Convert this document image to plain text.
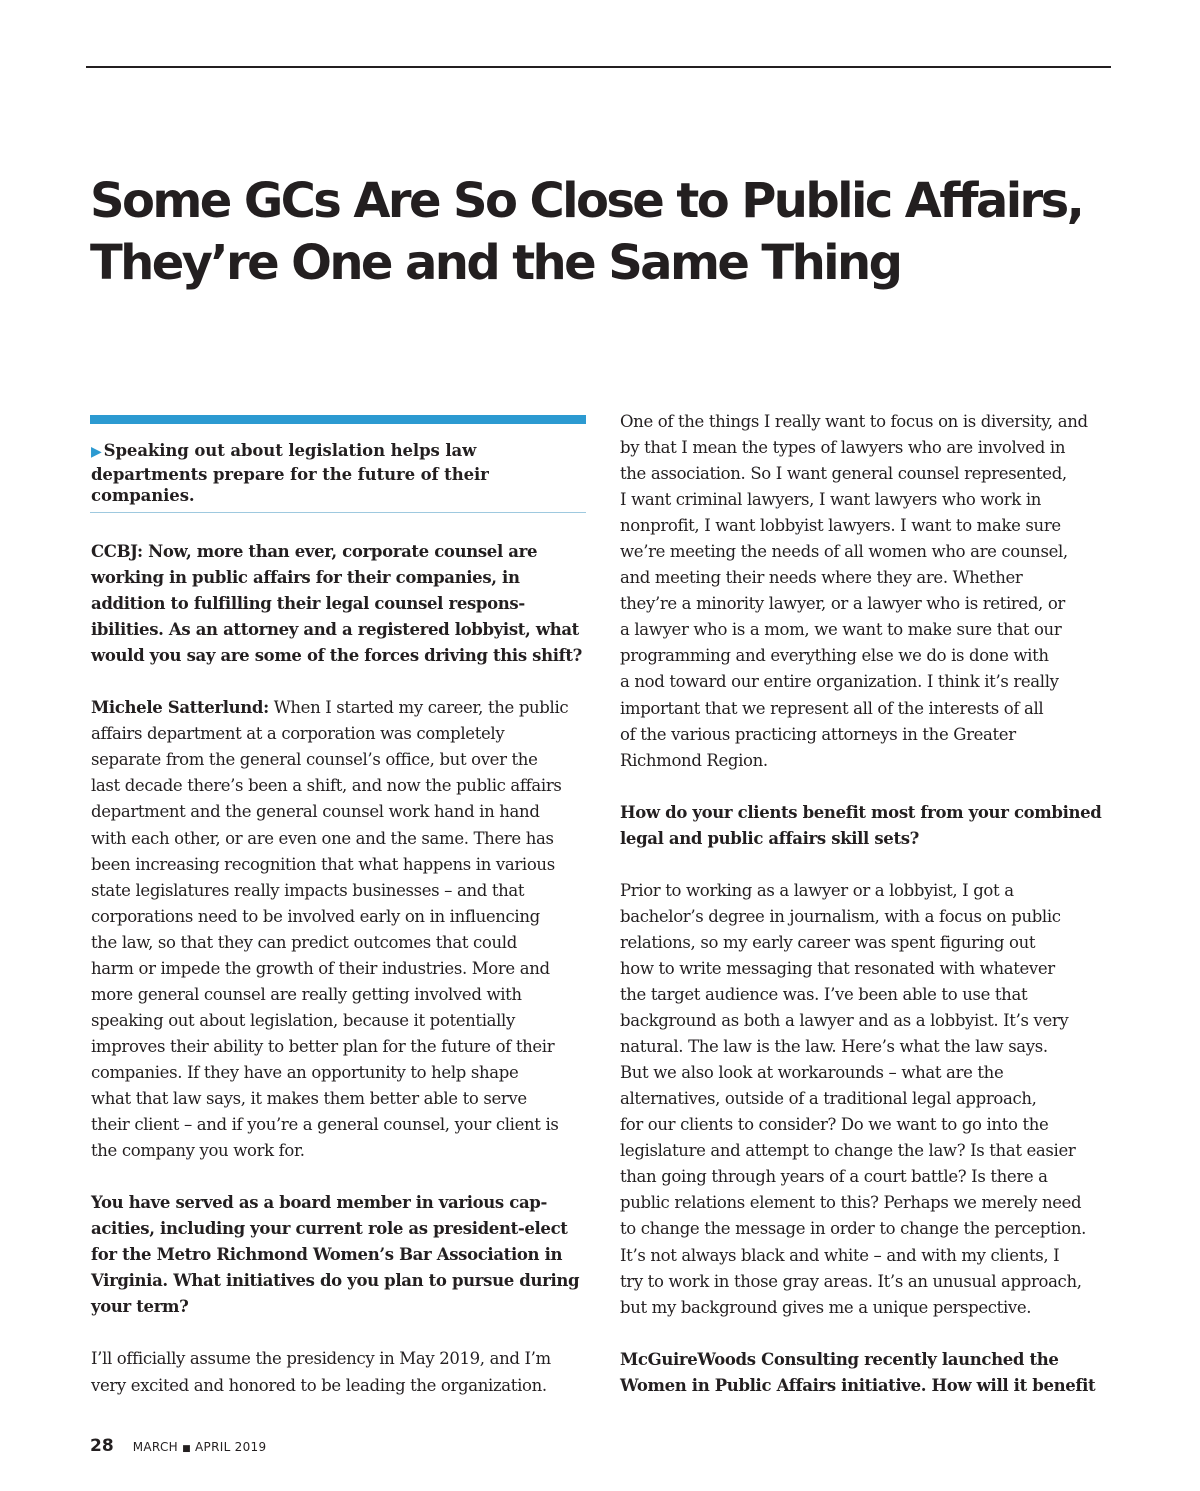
Some GCs Are So Close to Public Affairs,
They’re One and the Same Thing
▶ Speaking out about legislation helps law
departments prepare for the future of their
companies.

CCBJ: Now, more than ever, corporate counsel are
working in public affairs for their companies, in
addition to fulfilling their legal counsel respons-
ibilities. As an attorney and a registered lobbyist, what
would you say are some of the forces driving this shift?

Michele Satterlund: When I started my career, the public
affairs department at a corporation was completely
separate from the general counsel’s office, but over the
last decade there’s been a shift, and now the public affairs
department and the general counsel work hand in hand
with each other, or are even one and the same. There has
been increasing recognition that what happens in various
state legislatures really impacts businesses – and that
corporations need to be involved early on in influencing
the law, so that they can predict outcomes that could
harm or impede the growth of their industries. More and
more general counsel are really getting involved with
speaking out about legislation, because it potentially
improves their ability to better plan for the future of their
companies. If they have an opportunity to help shape
what that law says, it makes them better able to serve
their client – and if you’re a general counsel, your client is
the company you work for.

You have served as a board member in various cap-
acities, including your current role as president-elect
for the Metro Richmond Women’s Bar Association in
Virginia. What initiatives do you plan to pursue during
your term?

I’ll officially assume the presidency in May 2019, and I’m
very excited and honored to be leading the organization.

One of the things I really want to focus on is diversity, and
by that I mean the types of lawyers who are involved in
the association. So I want general counsel represented,
I want criminal lawyers, I want lawyers who work in
nonprofit, I want lobbyist lawyers. I want to make sure
we’re meeting the needs of all women who are counsel,
and meeting their needs where they are. Whether
they’re a minority lawyer, or a lawyer who is retired, or
a lawyer who is a mom, we want to make sure that our
programming and everything else we do is done with
a nod toward our entire organization. I think it’s really
important that we represent all of the interests of all
of the various practicing attorneys in the Greater
Richmond Region.

How do your clients benefit most from your combined
legal and public affairs skill sets?

Prior to working as a lawyer or a lobbyist, I got a
bachelor’s degree in journalism, with a focus on public
relations, so my early career was spent figuring out
how to write messaging that resonated with whatever
the target audience was. I’ve been able to use that
background as both a lawyer and as a lobbyist. It’s very
natural. The law is the law. Here’s what the law says.
But we also look at workarounds – what are the
alternatives, outside of a traditional legal approach,
for our clients to consider? Do we want to go into the
legislature and attempt to change the law? Is that easier
than going through years of a court battle? Is there a
public relations element to this? Perhaps we merely need
to change the message in order to change the perception.
It’s not always black and white – and with my clients, I
try to work in those gray areas. It’s an unusual approach,
but my background gives me a unique perspective.

McGuireWoods Consulting recently launched the
Women in Public Affairs initiative. How will it benefit

28 MARCH ■ APRIL 2019
